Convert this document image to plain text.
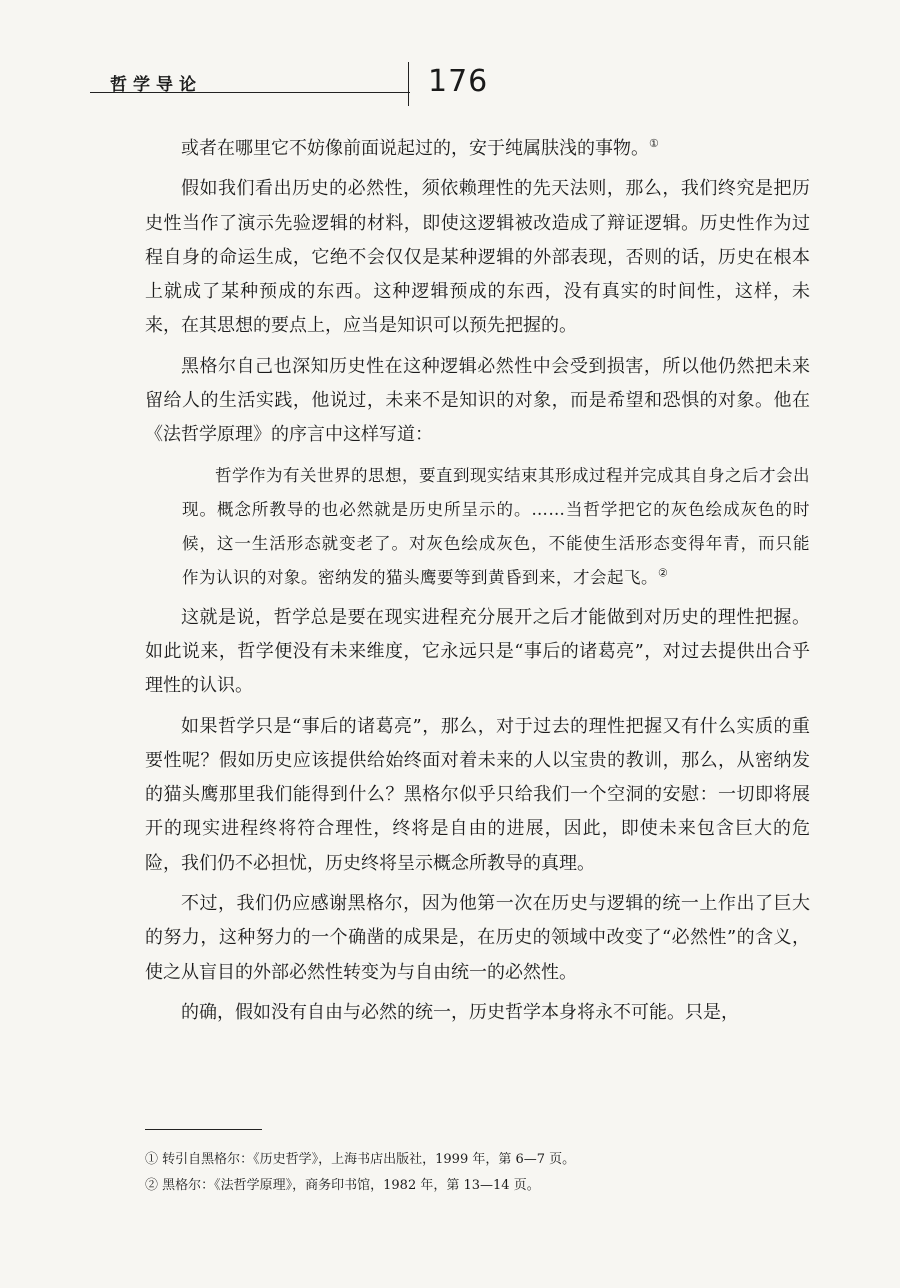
哲学导论	176

或者在哪里它不妨像前面说起过的，安于纯属肤浅的事物。①

假如我们看出历史的必然性，须依赖理性的先天法则，那么，我们终究是把历史性当作了演示先验逻辑的材料，即使这逻辑被改造成了辩证逻辑。历史性作为过程自身的命运生成，它绝不会仅仅是某种逻辑的外部表现，否则的话，历史在根本上就成了某种预成的东西。这种逻辑预成的东西，没有真实的时间性，这样，未来，在其思想的要点上，应当是知识可以预先把握的。

黑格尔自己也深知历史性在这种逻辑必然性中会受到损害，所以他仍然把未来留给人的生活实践，他说过，未来不是知识的对象，而是希望和恐惧的对象。他在《法哲学原理》的序言中这样写道：

哲学作为有关世界的思想，要直到现实结束其形成过程并完成其自身之后才会出现。概念所教导的也必然就是历史所呈示的。……当哲学把它的灰色绘成灰色的时候，这一生活形态就变老了。对灰色绘成灰色，不能使生活形态变得年青，而只能作为认识的对象。密纳发的猫头鹰要等到黄昏到来，才会起飞。②

这就是说，哲学总是要在现实进程充分展开之后才能做到对历史的理性把握。如此说来，哲学便没有未来维度，它永远只是“事后的诸葛亮”，对过去提供出合乎理性的认识。

如果哲学只是“事后的诸葛亮”，那么，对于过去的理性把握又有什么实质的重要性呢？假如历史应该提供给始终面对着未来的人以宝贵的教训，那么，从密纳发的猫头鹰那里我们能得到什么？黑格尔似乎只给我们一个空洞的安慰：一切即将展开的现实进程终将符合理性，终将是自由的进展，因此，即使未来包含巨大的危险，我们仍不必担忧，历史终将呈示概念所教导的真理。

不过，我们仍应感谢黑格尔，因为他第一次在历史与逻辑的统一上作出了巨大的努力，这种努力的一个确凿的成果是，在历史的领域中改变了“必然性”的含义，使之从盲目的外部必然性转变为与自由统一的必然性。

的确，假如没有自由与必然的统一，历史哲学本身将永不可能。只是，

① 转引自黑格尔：《历史哲学》，上海书店出版社，1999 年，第 6—7 页。
② 黑格尔：《法哲学原理》，商务印书馆，1982 年，第 13—14 页。
